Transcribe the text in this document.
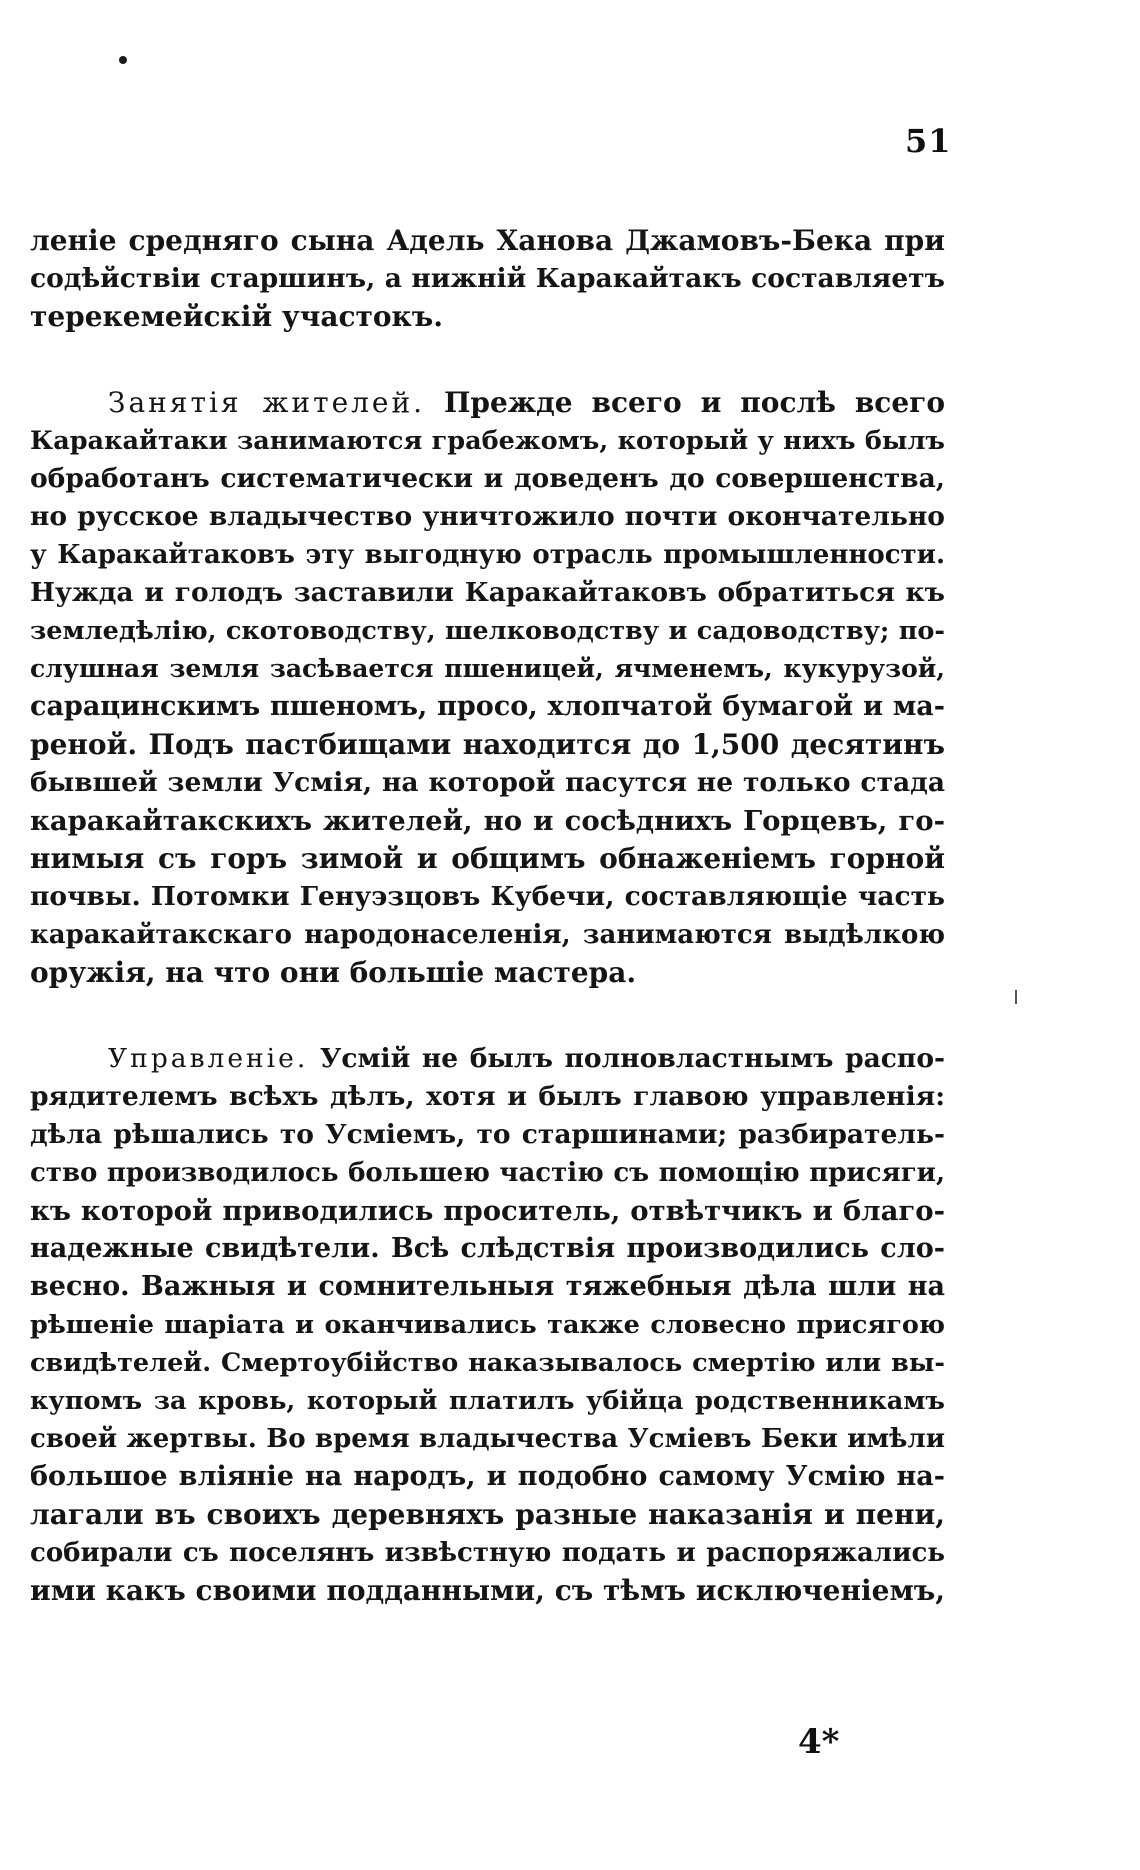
51
ленiе средняго сына Адель Ханова Джамовъ-Бека при
содѣйствiи старшинъ, а нижнiй Каракайтакъ составляетъ
терекемейскiй участокъ.
Занятiя жителей. Прежде всего и послѣ всего
Каракайтаки занимаются грабежомъ, который у нихъ былъ
обработанъ систематически и доведенъ до совершенства,
но русское владычество уничтожило почти окончательно
у Каракайтаковъ эту выгодную отрасль промышленности.
Нужда и голодъ заставили Каракайтаковъ обратиться къ
земледѣлiю, скотоводству, шелководству и садоводству; по-
слушная земля засѣвается пшеницей, ячменемъ, кукурузой,
сарацинскимъ пшеномъ, просо, хлопчатой бумагой и ма-
реной. Подъ пастбищами находится до 1,500 десятинъ
бывшей земли Усмiя, на которой пасутся не только стада
каракайтакскихъ жителей, но и сосѣднихъ Горцевъ, го-
нимыя съ горъ зимой и общимъ обнаженiемъ горной
почвы. Потомки Генуэзцовъ Кубечи, составляющiе часть
каракайтакскаго народонаселенiя, занимаются выдѣлкою
оружiя, на что они большiе мастера.
Управленiе. Усмiй не былъ полновластнымъ распо-
рядителемъ всѣхъ дѣлъ, хотя и былъ главою управленiя:
дѣла рѣшались то Усмiемъ, то старшинами; разбиратель-
ство производилось большею частiю съ помощiю присяги,
къ которой приводились проситель, отвѣтчикъ и благо-
надежные свидѣтели. Всѣ слѣдствiя производились сло-
весно. Важныя и сомнительныя тяжебныя дѣла шли на
рѣшенiе шарiата и оканчивались также словесно присягою
свидѣтелей. Смертоубiйство наказывалось смертiю или вы-
купомъ за кровь, который платилъ убiйца родственникамъ
своей жертвы. Во время владычества Усмiевъ Беки имѣли
большое влiянiе на народъ, и подобно самому Усмiю на-
лагали въ своихъ деревняхъ разные наказанiя и пени,
собирали съ поселянъ извѣстную подать и распоряжались
ими какъ своими подданными, съ тѣмъ исключенiемъ,
4*
